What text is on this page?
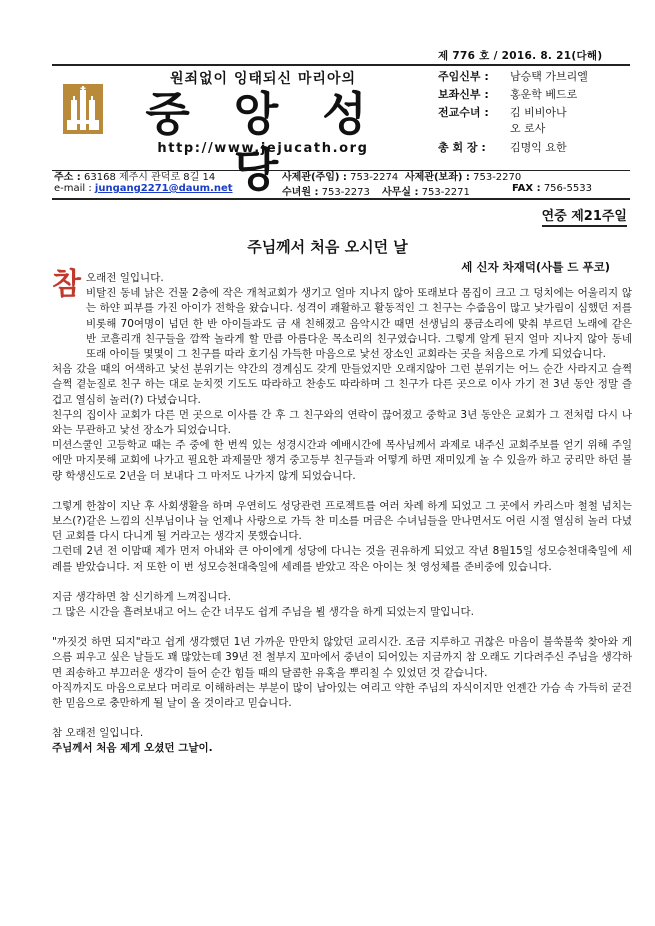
제 776 호 / 2016. 8. 21(다해)
원죄없이 잉태되신 마리아의
중 앙 성 당
http://www.jejucath.org
주임신부 : 남승택 가브리엘
보좌신부 : 홍운학 베드로
전교수녀 : 김 비비아나
오 로사
총 회 장 : 김명익 요한
주소 : 63168 제주시 관덕로 8길 14	사제관(주임) : 753-2274 사제관(보좌) : 753-2270
e-mail : jungang2271@daum.net	수녀원 : 753-2273 사무실 : 753-2271	FAX : 756-5533
연중 제21주일
주님께서 처음 오시던 날
세 신자 차재덕(사틀 드 푸코)
참 오래전 일입니다.

비탈진 동네 낡은 건물 2층에 작은 개척교회가 생기고 얼마 지나지 않아 또래보다 몸집이 크고 그 덩치에는 어울리지 않는 하얀 피부를 가진 아이가 전학을 왔습니다. 성격이 괘활하고 활동적인 그 친구는 수줍음이 많고 낯가림이 심했던 저를 비롯해 70여명이 넘던 한 반 아이들과도 금 새 친해졌고 음악시간 때면 선생님의 풍금소리에 맞춰 부르던 노래에 같은 반 코흘리개 친구들을 깜짝 놀라게 할 만큼 아름다운 목소리의 친구였습니다. 그렇게 알게 된지 얼마 지나지 않아 동네 또래 아이들 몇몇이 그 친구를 따라 호기심 가득한 마음으로 낯선 장소인 교회라는 곳을 처음으로 가게 되었습니다.

처음 갔을 때의 어색하고 낯선 분위기는 약간의 경계심도 갖게 만들었지만 오래지않아 그런 분위기는 어느 순간 사라지고 슬쩍슬쩍 곁눈질로 친구 하는 대로 눈치껏 기도도 따라하고 찬송도 따라하며 그 친구가 다른 곳으로 이사 가기 전 3년 동안 정말 즐겁고 열심히 놀러(?) 다녔습니다.

친구의 집이사 교회가 다른 먼 곳으로 이사를 간 후 그 친구와의 연락이 끊어졌고 중학교 3년 동안은 교회가 그 전처럼 다시 나와는 무관하고 낯선 장소가 되었습니다.

미션스쿨인 고등학교 때는 주 중에 한 번씩 있는 성경시간과 예배시간에 목사님께서 과제로 내주신 교회주보를 얻기 위해 주일에만 마지못해 교회에 나가고 필요한 과제물만 챙겨 중고등부 친구들과 어떻게 하면 재미있게 놀 수 있을까 하고 궁리만 하던 불량 학생신도로 2년을 더 보내다 그 마저도 나가지 않게 되었습니다.

그렇게 한참이 지난 후 사회생활을 하며 우연히도 성당관련 프로젝트를 여러 차례 하게 되었고 그 곳에서 카리스마 철철 넘치는 보스(?)같은 느낌의 신부님이나 늘 언제나 사랑으로 가득 찬 미소를 머금은 수녀님들을 만나면서도 어린 시절 열심히 놀러 다녔던 교회를 다시 다니게 될 거라고는 생각지 못했습니다.

그런데 2년 전 이맘때 제가 먼저 아내와 큰 아이에게 성당에 다니는 것을 권유하게 되었고 작년 8월15일 성모승천대축일에 세례를 받았습니다. 저 또한 이 번 성모승천대축일에 세례를 받았고 작은 아이는 첫 영성체를 준비중에 있습니다.

지금 생각하면 참 신기하게 느껴집니다.

그 많은 시간을 흘려보내고 어느 순간 너무도 쉽게 주님을 뵐 생각을 하게 되었는지 말입니다.

"까짓것 하면 되지"라고 쉽게 생각했던 1년 가까운 만만치 않았던 교리시간. 조금 지루하고 귀찮은 마음이 불쑥불쑥 찾아와 게으름 피우고 싶은 날들도 꽤 많았는데 39년 전 철부지 꼬마에서 중년이 되어있는 지금까지 참 오래도 기다려주신 주님을 생각하면 죄송하고 부끄러운 생각이 들어 순간 힘들 때의 달콤한 유혹을 뿌리칠 수 있었던 것 같습니다.

아직까지도 마음으로보다 머리로 이해하려는 부분이 많이 남아있는 여리고 약한 주님의 자식이지만 언젠간 가슴 속 가득히 굳건한 믿음으로 충만하게 될 날이 올 것이라고 믿습니다.

참 오래전 일입니다.

주님께서 처음 제게 오셨던 그날이.
